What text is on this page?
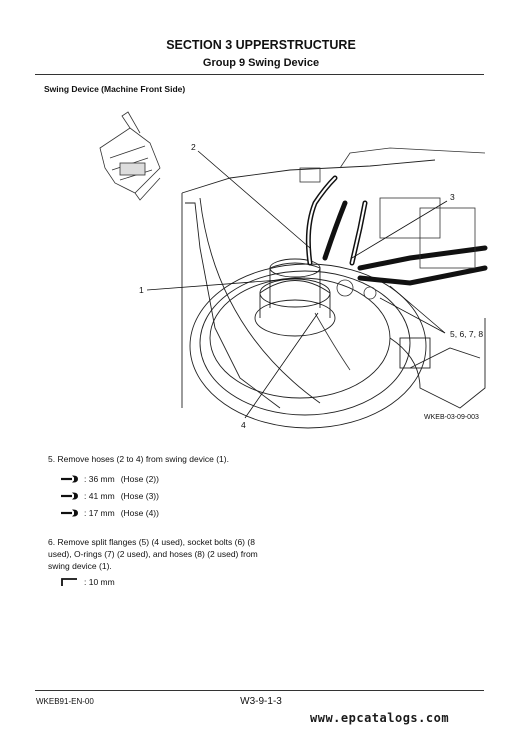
SECTION 3 UPPERSTRUCTURE
Group 9 Swing Device
Swing Device (Machine Front Side)
1
2
3
4
5, 6, 7, 8
WKEB-03-09-003
5. Remove hoses (2 to 4) from swing device (1).
: 36 mm (Hose (2))
: 41 mm (Hose (3))
: 17 mm (Hose (4))
6. Remove split flanges (5) (4 used), socket bolts (6) (8 used), O-rings (7) (2 used), and hoses (8) (2 used) from swing device (1).
: 10 mm
WKEB91-EN-00	W3-9-1-3
www.epcatalogs.com
